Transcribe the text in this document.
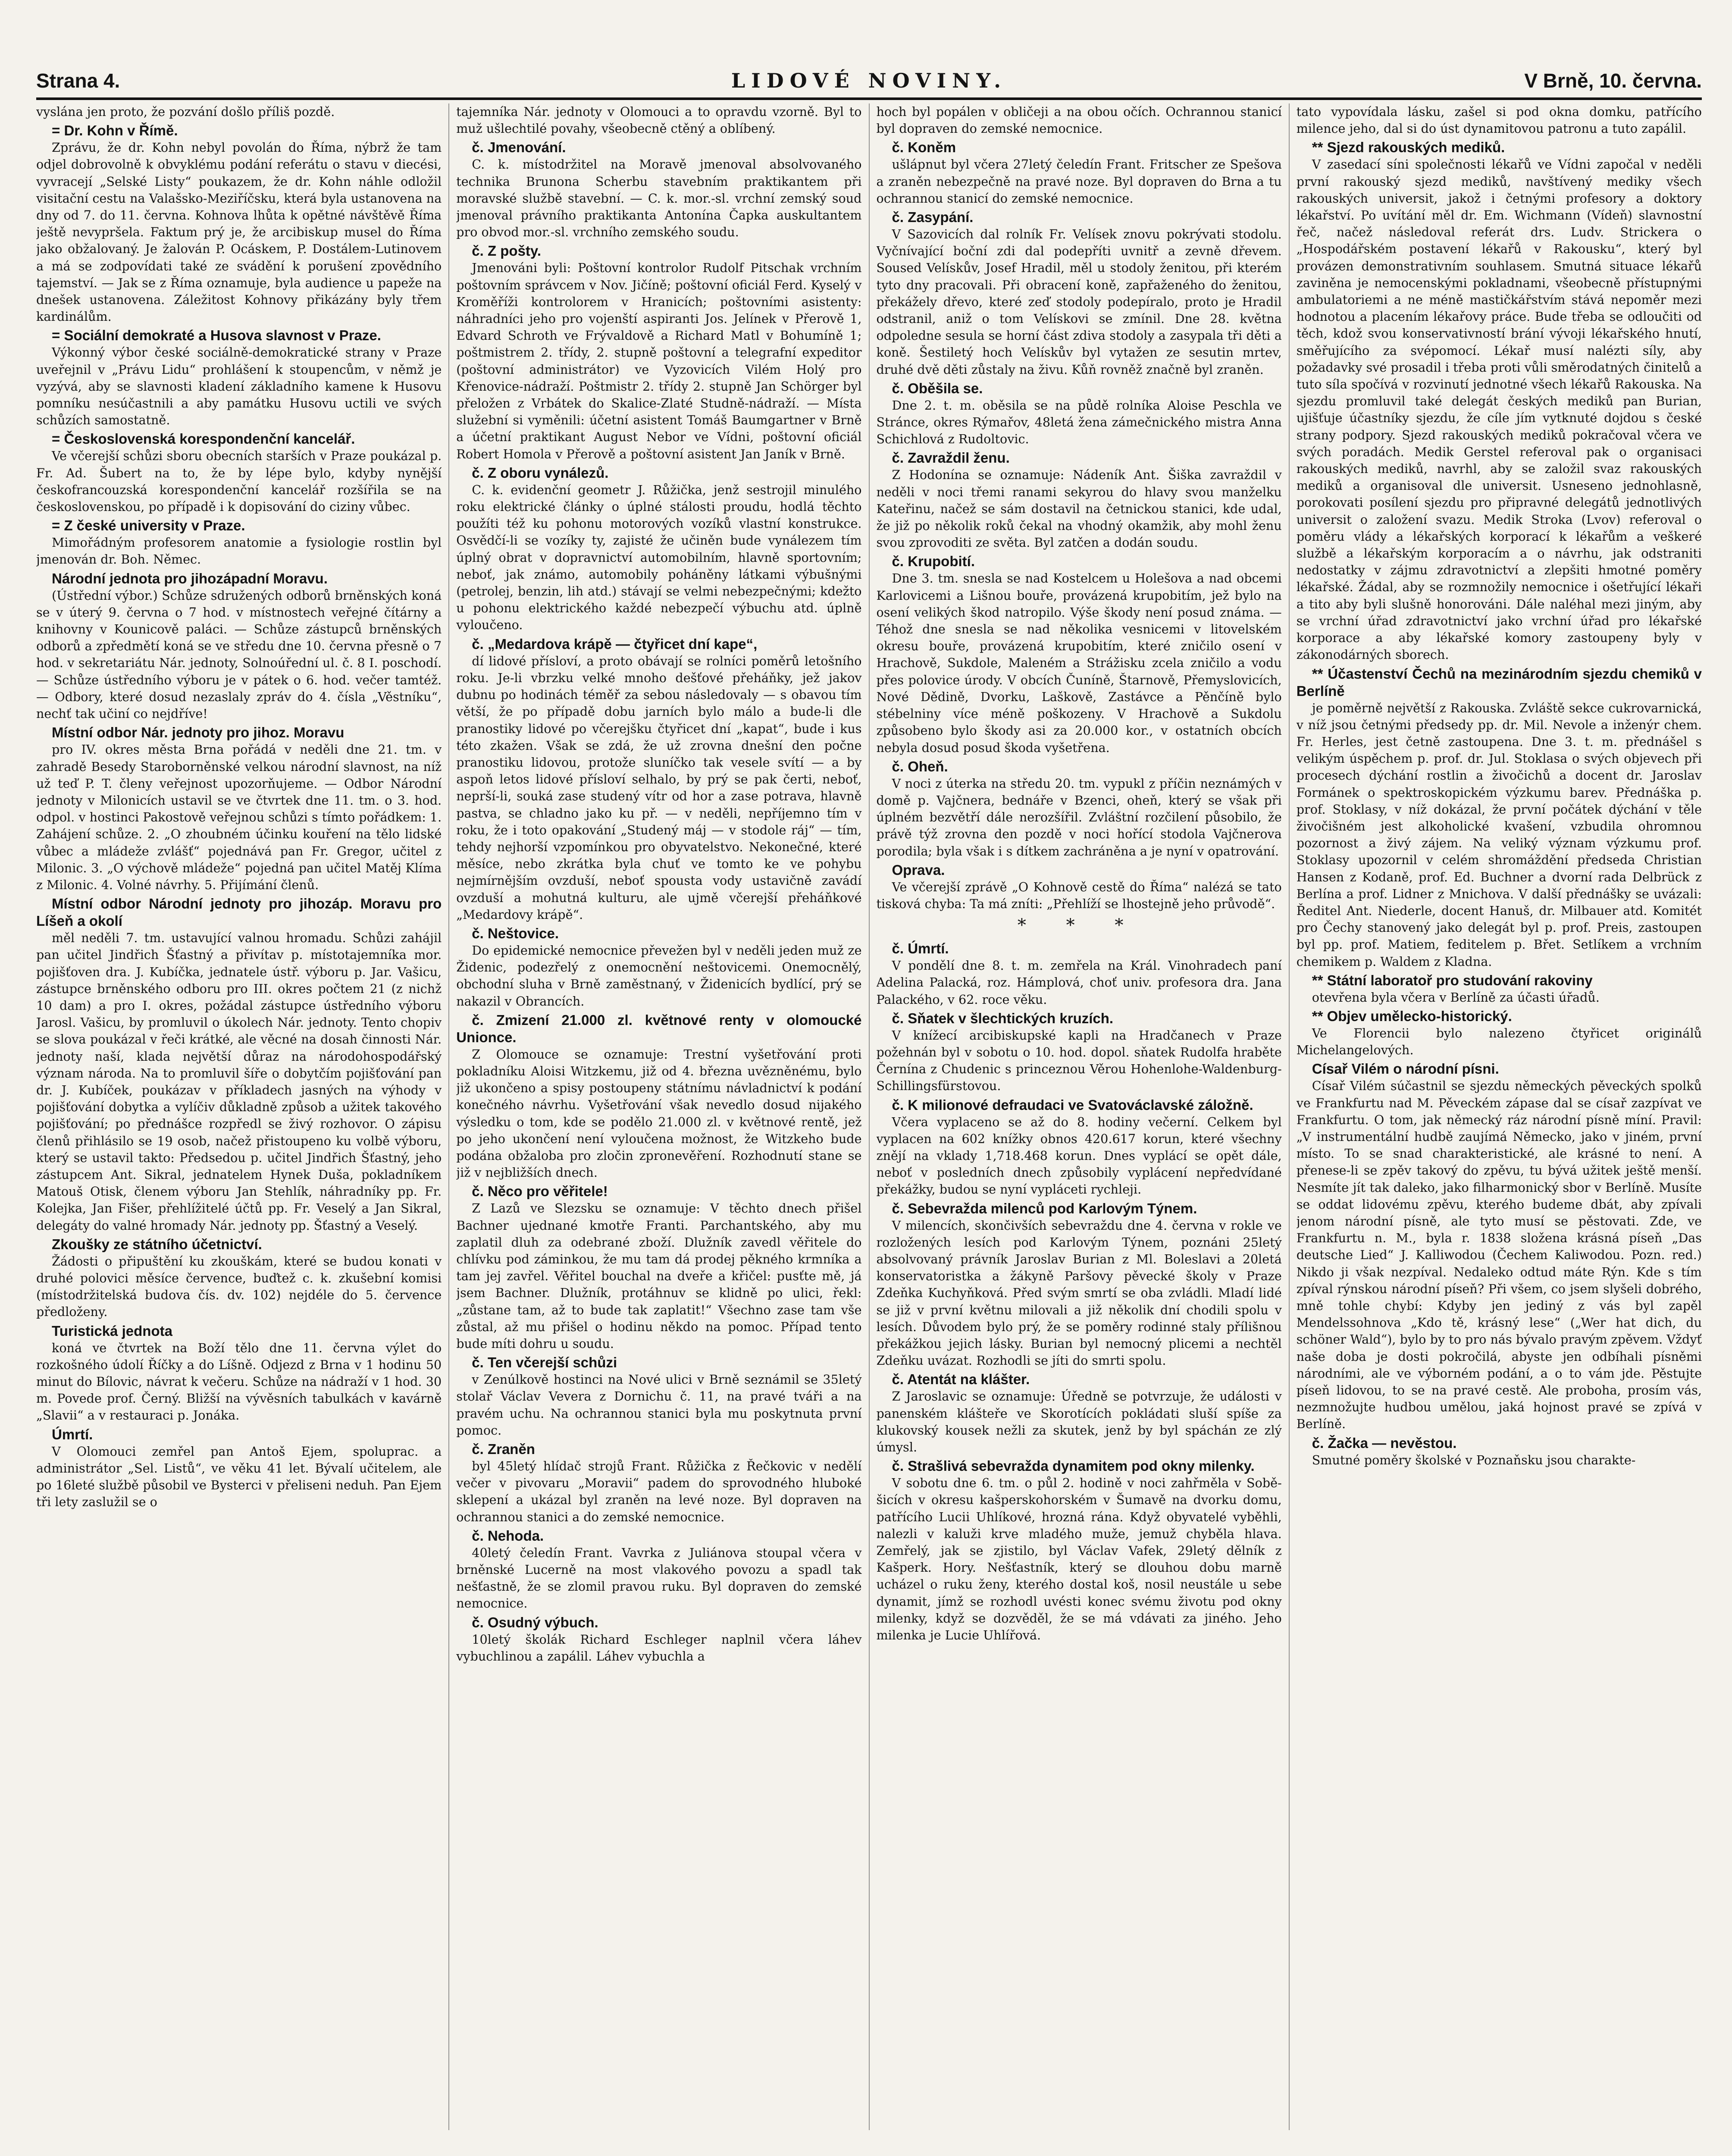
Strana 4.	LIDOVÉ NOVINY.	V Brně, 10. června.

vyslána jen proto, že pozvání došlo příliš pozdě.

= Dr. Kohn v Římě.

Zprávu, že dr. Kohn nebyl povolán do Říma, nýbrž že tam odjel dobrovolně k obvyklému podání referátu o stavu v diecési, vyvracejí „Selské Listy“ poukazem, že dr. Kohn náhle odložil visitační cestu na Valašsko-Meziříčsku, která byla ustanovena na dny od 7. do 11. června. Kohnova lhůta k opětné návštěvě Říma ještě nevypršela. Faktum prý je, že arcibiskup musel do Říma jako obžalovaný. Je žalován P. Ocáskem, P. Dostálem-Lutinovem a má se zodpovídati také ze svádění k porušení zpovědního tajemství. — Jak se z Říma oznamuje, byla audience u papeže na dnešek ustanovena. Záležitost Kohnovy přikázány byly třem kardinálům.

= Sociální demokraté a Husova slavnost v Praze.

Výkonný výbor české sociálně-demokratické strany v Praze uveřejnil v „Právu Lidu“ prohlášení k stoupencům, v němž je vyzývá, aby se slavnosti kladení základního kamene k Husovu pomníku nesúčastnili a aby památku Husovu uctili ve svých schůzích samostatně.

= Československá korespondenční kancelář.

Ve včerejší schůzi sboru obecních starších v Praze poukázal p. Fr. Ad. Šubert na to, že by lépe bylo, kdyby nynější českofrancouzská korespondenční kancelář rozšířila se na československou, po případě i k dopisování do ciziny vůbec.

= Z české university v Praze.

Mimořádným profesorem anatomie a fysiologie rostlin byl jmenován dr. Boh. Němec.

Národní jednota pro jihozápadní Moravu.

(Ústřední výbor.) Schůze sdružených odborů brněnských koná se v úterý 9. června o 7 hod. v místnostech veřejné čítárny a knihovny v Kounicově paláci. — Schůze zástupců brněnských odborů a zpředmětí koná se ve středu dne 10. června přesně o 7 hod. v sekretariátu Nár. jednoty, Solnoúřední ul. č. 8 I. poschodí. — Schůze ústředního výboru je v pátek o 6. hod. večer tamtéž. — Odbory, které dosud nezaslaly zpráv do 4. čísla „Věstníku“, nechť tak učiní co nejdříve!

Místní odbor Nár. jednoty pro jihoz. Moravu

pro IV. okres města Brna pořádá v neděli dne 21. tm. v zahradě Besedy Staroborněnské velkou národní slavnost, na níž už teď P. T. členy veřejnost upozorňujeme. — Odbor Národní jednoty v Milonicích ustavil se ve čtvrtek dne 11. tm. o 3. hod. odpol. v hostinci Pakostově veřejnou schůzi s tímto pořádkem: 1. Zahájení schůze. 2. „O zhoubném účinku kouření na tělo lidské vůbec a mládeže zvlášť“ pojednává pan Fr. Gregor, učitel z Milonic. 3. „O výchově mládeže“ pojedná pan učitel Matěj Klíma z Milonic. 4. Volné návrhy. 5. Přijímání členů.

Místní odbor Národní jednoty pro jihozáp. Moravu pro Líšeň a okolí

měl neděli 7. tm. ustavující valnou hromadu. Schůzi zahájil pan učitel Jindřich Šťastný a přivítav p. místotajemníka mor. pojišťoven dra. J. Kubíčka, jednatele ústř. výboru p. Jar. Vašicu, zástupce brněnského odboru pro III. okres počtem 21 (z nichž 10 dam) a pro I. okres, požádal zástupce ústředního výboru Jarosl. Vašicu, by promluvil o úkolech Nár. jednoty. Tento chopiv se slova poukázal v řeči krátké, ale věcné na dosah činnosti Nár. jednoty naší, klada největší důraz na národohospodářský význam národa. Na to promluvil šíře o dobytčím pojišťování pan dr. J. Kubíček, poukázav v příkladech jasných na výhody v pojišťování dobytka a vylíčiv důkladně způsob a užitek takového pojišťování; po přednášce rozpředl se živý rozhovor. O zápisu členů přihlásilo se 19 osob, načež přistoupeno ku volbě výboru, který se ustavil takto: Předsedou p. učitel Jindřich Šťastný, jeho zástupcem Ant. Sikral, jednatelem Hynek Duša, pokladníkem Matouš Otisk, členem výboru Jan Stehlík, náhradníky pp. Fr. Kolejka, Jan Fišer, přehlížitelé účtů pp. Fr. Veselý a Jan Sikral, delegáty do valné hromady Nár. jednoty pp. Šťastný a Veselý.

Zkoušky ze státního účetnictví.

Žádosti o připuštění ku zkouškám, které se budou konati v druhé polovici měsíce července, buďtež c. k. zkušební komisi (místodržitelská budova čís. dv. 102) nejdéle do 5. července předloženy.

Turistická jednota

koná ve čtvrtek na Boží tělo dne 11. června výlet do rozkošného údolí Říčky a do Líšně. Odjezd z Brna v 1 hodinu 50 minut do Bílovic, návrat k večeru. Schůze na nádraží v 1 hod. 30 m. Povede prof. Černý. Bližší na vývěsních tabulkách v kavárně „Slavii“ a v restauraci p. Jonáka.

Úmrtí.

V Olomouci zemřel pan Antoš Ejem, spoluprac. a administrátor „Sel. Listů“, ve věku 41 let. Bývalí učitelem, ale po 16leté službě působil ve Bysterci v přeliseni neduh. Pan Ejem tři lety zaslužil se o

tajemníka Nár. jednoty v Olomouci a to opravdu vzorně. Byl to muž ušlechtilé povahy, všeobecně ctěný a oblíbený.

č. Jmenování.

C. k. místodržitel na Moravě jmenoval absolvovaného technika Brunona Scherbu stavebním praktikantem při moravské službě stavební. — C. k. mor.-sl. vrchní zemský soud jmenoval právního praktikanta Antonína Čapka auskultantem pro obvod mor.-sl. vrchního zemského soudu.

č. Z pošty.

Jmenováni byli: Poštovní kontrolor Rudolf Pitschak vrchním poštovním správcem v Nov. Jičíně; poštovní oficiál Ferd. Kyselý v Kroměříži kontrolorem v Hranicích; poštovními asistenty: náhradníci jeho pro vojenští aspiranti Jos. Jelínek v Přerově 1, Edvard Schroth ve Frývaldově a Richard Matl v Bohumíně 1; poštmistrem 2. třídy, 2. stupně poštovní a telegrafní expeditor (poštovní administrátor) ve Vyzovicích Vilém Holý pro Křenovice-nádraží. Poštmistr 2. třídy 2. stupně Jan Schörger byl přeložen z Vrbátek do Skalice-Zlaté Studně-nádraží. — Místa služební si vyměnili: účetní asistent Tomáš Baumgartner v Brně a účetní praktikant August Nebor ve Vídni, poštovní oficiál Robert Homola v Přerově a poštovní asistent Jan Janík v Brně.

č. Z oboru vynálezů.

C. k. evidenční geometr J. Růžička, jenž sestrojil minulého roku elektrické články o úplné stálosti proudu, hodlá těchto použíti též ku pohonu motorových vozíků vlastní konstrukce. Osvědčí-li se vozíky ty, zajisté že učiněn bude vynálezem tím úplný obrat v dopravnictví automobilním, hlavně sportovním; neboť, jak známo, automobily poháněny látkami výbušnými (petrolej, benzin, lih atd.) stávají se velmi nebezpečnými; kdežto u pohonu elektrického každé nebezpečí výbuchu atd. úplně vyloučeno.

č. „Medardova krápě — čtyřicet dní kape“,

dí lidové přísloví, a proto obávají se rolníci poměrů letošního roku. Je-li vbrzku velké mnoho dešťové přeháňky, jež jakov dubnu po hodinách téměř za sebou následovaly — s obavou tím větší, že po případě dobu jarních bylo málo a bude-li dle pranostiky lidové po včerejšku čtyřicet dní „kapat“, bude i kus této zkažen. Však se zdá, že už zrovna dnešní den počne pranostiku lidovou, protože sluníčko tak vesele svítí — a by aspoň letos lidové přísloví selhalo, by prý se pak čerti, neboť, neprší-li, souká zase studený vítr od hor a zase potrava, hlavně pastva, se chladno jako ku př. — v neděli, nepříjemno tím v roku, že i toto opakování „Studený máj — v stodole ráj“ — tím, tehdy nejhorší vzpomínkou pro obyvatelstvo. Nekonečné, které měsíce, nebo zkrátka byla chuť ve tomto ke ve pohybu nejmírnějším ovzduší, neboť spousta vody ustavičně zavádí ovzduší a mohutná kulturu, ale ujmě včerejší přeháňkové „Medardovy krápě“.

č. Neštovice.

Do epidemické nemocnice převežen byl v neděli jeden muž ze Židenic, podezřelý z onemocnění neštovicemi. Onemocnělý, obchodní sluha v Brně zaměstnaný, v Židenicích bydlící, prý se nakazil v Obrancích.

č. Zmizení 21.000 zl. květnové renty v olomoucké Unionce.

Z Olomouce se oznamuje: Trestní vyšetřování proti pokladníku Aloisi Witzkemu, již od 4. března uvězněnému, bylo již ukončeno a spisy postoupeny státnímu návladnictví k podání konečného návrhu. Vyšetřování však nevedlo dosud nijakého výsledku o tom, kde se podělo 21.000 zl. v květnové rentě, jež po jeho ukončení není vyloučena možnost, že Witzkeho bude podána obžaloba pro zločin zpronevěření. Rozhodnutí stane se již v nejbližších dnech.

č. Něco pro věřitele!

Z Lazů ve Slezsku se oznamuje: V těchto dnech přišel Bachner ujednané kmotře Franti. Parchantského, aby mu zaplatil dluh za odebrané zboží. Dlužník zavedl věřitele do chlívku pod záminkou, že mu tam dá prodej pěkného krmníka a tam jej zavřel. Věřitel bouchal na dveře a křičel: pusťte mě, já jsem Bachner. Dlužník, protáhnuv se klidně po ulici, řekl: „zůstane tam, až to bude tak zaplatit!“ Všechno zase tam vše zůstal, až mu přišel o hodinu někdo na pomoc. Případ tento bude míti dohru u soudu.

č. Ten včerejší schůzi

v Zenúlkově hostinci na Nové ulici v Brně seznámil se 35letý stolař Václav Vevera z Dornichu č. 11, na pravé tváři a na pravém uchu. Na ochrannou stanici byla mu poskytnuta první pomoc.

č. Zraněn

byl 45letý hlídač strojů Frant. Růžička z Řečkovic v nedělí večer v pivovaru „Moravii“ padem do sprovodného hluboké sklepení a ukázal byl zraněn na levé noze. Byl dopraven na ochrannou stanici a do zemské nemocnice.

č. Nehoda.

40letý čeledín Frant. Vavrka z Juliánova stoupal včera v brněnské Lucerně na most vlakového povozu a spadl tak nešťastně, že se zlomil pravou ruku. Byl dopraven do zemské nemocnice.

č. Osudný výbuch.

10letý školák Richard Eschleger naplnil včera láhev vybuchlinou a zapálil. Láhev vybuchla a

hoch byl popálen v obličeji a na obou očích. Ochrannou stanicí byl dopraven do zemské nemocnice.

č. Koněm

ušlápnut byl včera 27letý čeledín Frant. Fritscher ze Spešova a zraněn nebezpečně na pravé noze. Byl dopraven do Brna a tu ochrannou stanicí do zemské nemocnice.

č. Zasypání.

V Sazovicích dal rolník Fr. Velísek znovu pokrývati stodolu. Vyčnívající boční zdi dal podepříti uvnitř a zevně dřevem. Soused Velískův, Josef Hradil, měl u stodoly ženitou, při kterém tyto dny pracovali. Při obracení koně, zapřaženého do ženitou, překážely dřevo, které zeď stodoly podepíralo, proto je Hradil odstranil, aniž o tom Velískovi se zmínil. Dne 28. května odpoledne sesula se horní část zdiva stodoly a zasypala tři děti a koně. Šestiletý hoch Velískův byl vytažen ze sesutin mrtev, druhé dvě děti zůstaly na živu. Kůň rovněž značně byl zraněn.

č. Oběšila se.

Dne 2. t. m. oběsila se na půdě rolníka Aloise Peschla ve Stránce, okres Rýmařov, 48letá žena zámečnického mistra Anna Schichlová z Rudoltovic.

č. Zavraždil ženu.

Z Hodonína se oznamuje: Nádeník Ant. Šiška zavraždil v neděli v noci třemi ranami sekyrou do hlavy svou manželku Kateřinu, načež se sám dostavil na četnickou stanici, kde udal, že již po několik roků čekal na vhodný okamžik, aby mohl ženu svou zprovoditi ze světa. Byl zatčen a dodán soudu.

č. Krupobití.

Dne 3. tm. snesla se nad Kostelcem u Holešova a nad obcemi Karlovicemi a Lišnou bouře, provázená krupobitím, jež bylo na osení velikých škod natropilo. Výše škody není posud známa. — Téhož dne snesla se nad několika vesnicemi v litovelském okresu bouře, provázená krupobitím, které zničilo osení v Hrachově, Sukdole, Maleném a Strážisku zcela zničilo a vodu přes polovice úrody. V obcích Čuníně, Štarnově, Přemyslovicích, Nové Dědině, Dvorku, Laškově, Zastávce a Pěnčíně bylo stébelniny více méně poškozeny. V Hrachově a Sukdolu způsobeno bylo škody asi za 20.000 kor., v ostatních obcích nebyla dosud posud škoda vyšetřena.

č. Oheň.

V noci z úterka na středu 20. tm. vypukl z příčin neznámých v domě p. Vajčnera, bednáře v Bzenci, oheň, který se však při úplném bezvětří dále nerozšířil. Zvláštní rozčilení působilo, že právě týž zrovna den pozdě v noci hořící stodola Vajčnerova porodila; byla však i s dítkem zachráněna a je nyní v opatrování.

Oprava.

Ve včerejší zprávě „O Kohnově cestě do Říma“ nalézá se tato tisková chyba: Ta má zníti: „Přehlíží se lhostejně jeho průvodě“.

* * *
č. Úmrtí.

V pondělí dne 8. t. m. zemřela na Král. Vinohradech paní Adelina Palacká, roz. Hámplová, choť univ. profesora dra. Jana Palackého, v 62. roce věku.

č. Sňatek v šlechtických kruzích.

V knížecí arcibiskupské kapli na Hradčanech v Praze požehnán byl v sobotu o 10. hod. dopol. sňatek Rudolfa hraběte Černína z Chudenic s princeznou Věrou Hohenlohe-Waldenburg-Schillingsfürstovou.

č. K milionové defraudaci ve Svatováclavské záložně.

Včera vyplaceno se až do 8. hodiny večerní. Celkem byl vyplacen na 602 knížky obnos 420.617 korun, které všechny znějí na vklady 1,718.468 korun. Dnes vyplácí se opět dále, neboť v posledních dnech způsobily vyplácení nepředvídané překážky, budou se nyní vypláceti rychleji.

č. Sebevražda milenců pod Karlovým Týnem.

V milencích, skončivších sebevraždu dne 4. června v rokle ve rozložených lesích pod Karlovým Týnem, poznáni 25letý absolvovaný právník Jaroslav Burian z Ml. Boleslavi a 20letá konservatoristka a žákyně Paršovy pěvecké školy v Praze Zdeňka Kuchyňková. Před svým smrtí se oba zvládli. Mladí lidé se již v první květnu milovali a již několik dní chodili spolu v lesích. Důvodem bylo prý, že se poměry rodinné staly přílišnou překážkou jejich lásky. Burian byl nemocný plicemi a nechtěl Zdeňku uvázat. Rozhodli se jíti do smrti spolu.

č. Atentát na klášter.

Z Jaroslavic se oznamuje: Úředně se potvrzuje, že události v panenském klášteře ve Skorotících pokládati sluší spíše za klukovský kousek nežli za skutek, jenž by byl spáchán ze zlý úmysl.

č. Strašlivá sebevražda dynamitem pod okny milenky.

V sobotu dne 6. tm. o půl 2. hodině v noci zahřměla v Soběšicích v okresu kašperskohorském v Šumavě na dvorku domu, patřícího Lucii Uhlíkové, hrozná rána. Když obyvatelé vyběhli, nalezli v kaluži krve mladého muže, jemuž chyběla hlava. Zemřelý, jak se zjistilo, byl Václav Vafek, 29letý dělník z Kašperk. Hory. Nešťastník, který se dlouhou dobu marně ucházel o ruku ženy, kterého dostal koš, nosil neustále u sebe dynamit, jímž se rozhodl uvésti konec svému životu pod okny milenky, když se dozvěděl, že se má vdávati za jiného. Jeho milenka je Lucie Uhlířová.

tato vypovídala lásku, zašel si pod okna domku, patřícího milence jeho, dal si do úst dynamitovou patronu a tuto zapálil.

** Sjezd rakouských mediků.

V zasedací síni společnosti lékařů ve Vídni započal v neděli první rakouský sjezd mediků, navštívený mediky všech rakouských universit, jakož i četnými profesory a doktory lékařství. Po uvítání měl dr. Em. Wichmann (Vídeň) slavnostní řeč, načež následoval referát drs. Ludv. Strickera o „Hospodářském postavení lékařů v Rakousku“, který byl provázen demonstrativním souhlasem. Smutná situace lékařů zaviněna je nemocenskými pokladnami, všeobecně přístupnými ambulatoriemi a ne méně mastičkářstvím stává nepoměr mezi hodnotou a placením lékařovy práce. Bude třeba se odloučiti od těch, kdož svou konservativností brání vývoji lékařského hnutí, směřujícího za svépomocí. Lékař musí nalézti síly, aby požadavky své prosadil i třeba proti vůli směrodatných činitelů a tuto síla spočívá v rozvinutí jednotné všech lékařů Rakouska. Na sjezdu promluvil také delegát českých mediků pan Burian, ujišťuje účastníky sjezdu, že cíle jím vytknuté dojdou s české strany podpory. Sjezd rakouských mediků pokračoval včera ve svých poradách. Medik Gerstel referoval pak o organisaci rakouských mediků, navrhl, aby se založil svaz rakouských mediků a organisoval dle universit. Usneseno jednohlasně, porokovati posílení sjezdu pro připravné delegátů jednotlivých universit o založení svazu. Medik Stroka (Lvov) referoval o poměru vlády a lékařských korporací k lékařům a veškeré službě a lékařským korporacím a o návrhu, jak odstraniti nedostatky v zájmu zdravotnictví a zlepšiti hmotné poměry lékařské. Žádal, aby se rozmnožily nemocnice i ošetřující lékaři a tito aby byli slušně honorováni. Dále naléhal mezi jiným, aby se vrchní úřad zdravotnictví jako vrchní úřad pro lékařské korporace a aby lékařské komory zastoupeny byly v zákonodárných sborech.

** Účastenství Čechů na mezinárodním sjezdu chemiků v Berlíně

je poměrně největší z Rakouska. Zvláště sekce cukrovarnická, v níž jsou četnými předsedy pp. dr. Mil. Nevole a inženýr chem. Fr. Herles, jest četně zastoupena. Dne 3. t. m. přednášel s velikým úspěchem p. prof. dr. Jul. Stoklasa o svých objevech při procesech dýchání rostlin a živočichů a docent dr. Jaroslav Formánek o spektroskopickém výzkumu barev. Přednáška p. prof. Stoklasy, v níž dokázal, že první počátek dýchání v těle živočišném jest alkoholické kvašení, vzbudila ohromnou pozornost a živý zájem. Na veliký význam výzkumu prof. Stoklasy upozornil v celém shromáždění předseda Christian Hansen z Kodaně, prof. Ed. Buchner a dvorní rada Delbrück z Berlína a prof. Lidner z Mnichova. V další přednášky se uvázali: Ředitel Ant. Niederle, docent Hanuš, dr. Milbauer atd. Komitét pro Čechy stanovený jako delegát byl p. prof. Preis, zastoupen byl pp. prof. Matiem, feditelem p. Břet. Setlíkem a vrchním chemikem p. Waldem z Kladna.

** Státní laboratoř pro studování rakoviny

otevřena byla včera v Berlíně za účasti úřadů.

** Objev umělecko-historický.

Ve Florencii bylo nalezeno čtyřicet originálů Michelangelových.

Císař Vilém o národní písni.

Císař Vilém súčastnil se sjezdu německých pěveckých spolků ve Frankfurtu nad M. Pěveckém zápase dal se císař zazpívat ve Frankfurtu. O tom, jak německý ráz národní písně míní. Pravil: „V instrumentální hudbě zaujímá Německo, jako v jiném, první místo. To se snad charakteristické, ale krásné to není. A přenese-li se zpěv takový do zpěvu, tu bývá užitek ještě menší. Nesmíte jít tak daleko, jako filharmonický sbor v Berlíně. Musíte se oddat lidovému zpěvu, kterého budeme dbát, aby zpívali jenom národní písně, ale tyto musí se pěstovati. Zde, ve Frankfurtu n. M., byla r. 1838 složena krásná píseň „Das deutsche Lied“ J. Kalliwodou (Čechem Kaliwodou. Pozn. red.) Nikdo ji však nezpíval. Nedaleko odtud máte Rýn. Kde s tím zpíval rýnskou národní píseň? Při všem, co jsem slyšeli dobrého, mně tohle chybí: Kdyby jen jediný z vás byl zapěl Mendelssohnova „Kdo tě, krásný lese“ („Wer hat dich, du schöner Wald“), bylo by to pro nás bývalo pravým zpěvem. Vždyť naše doba je dosti pokročilá, abyste jen odbíhali písněmi národními, ale ve výborném podání, a o to vám jde. Pěstujte píseň lidovou, to se na pravé cestě. Ale proboha, prosím vás, nezmnožujte hudbou umělou, jaká hojnost pravé se zpívá v Berlíně.

č. Žačka — nevěstou.

Smutné poměry školské v Poznaňsku jsou charakte-
